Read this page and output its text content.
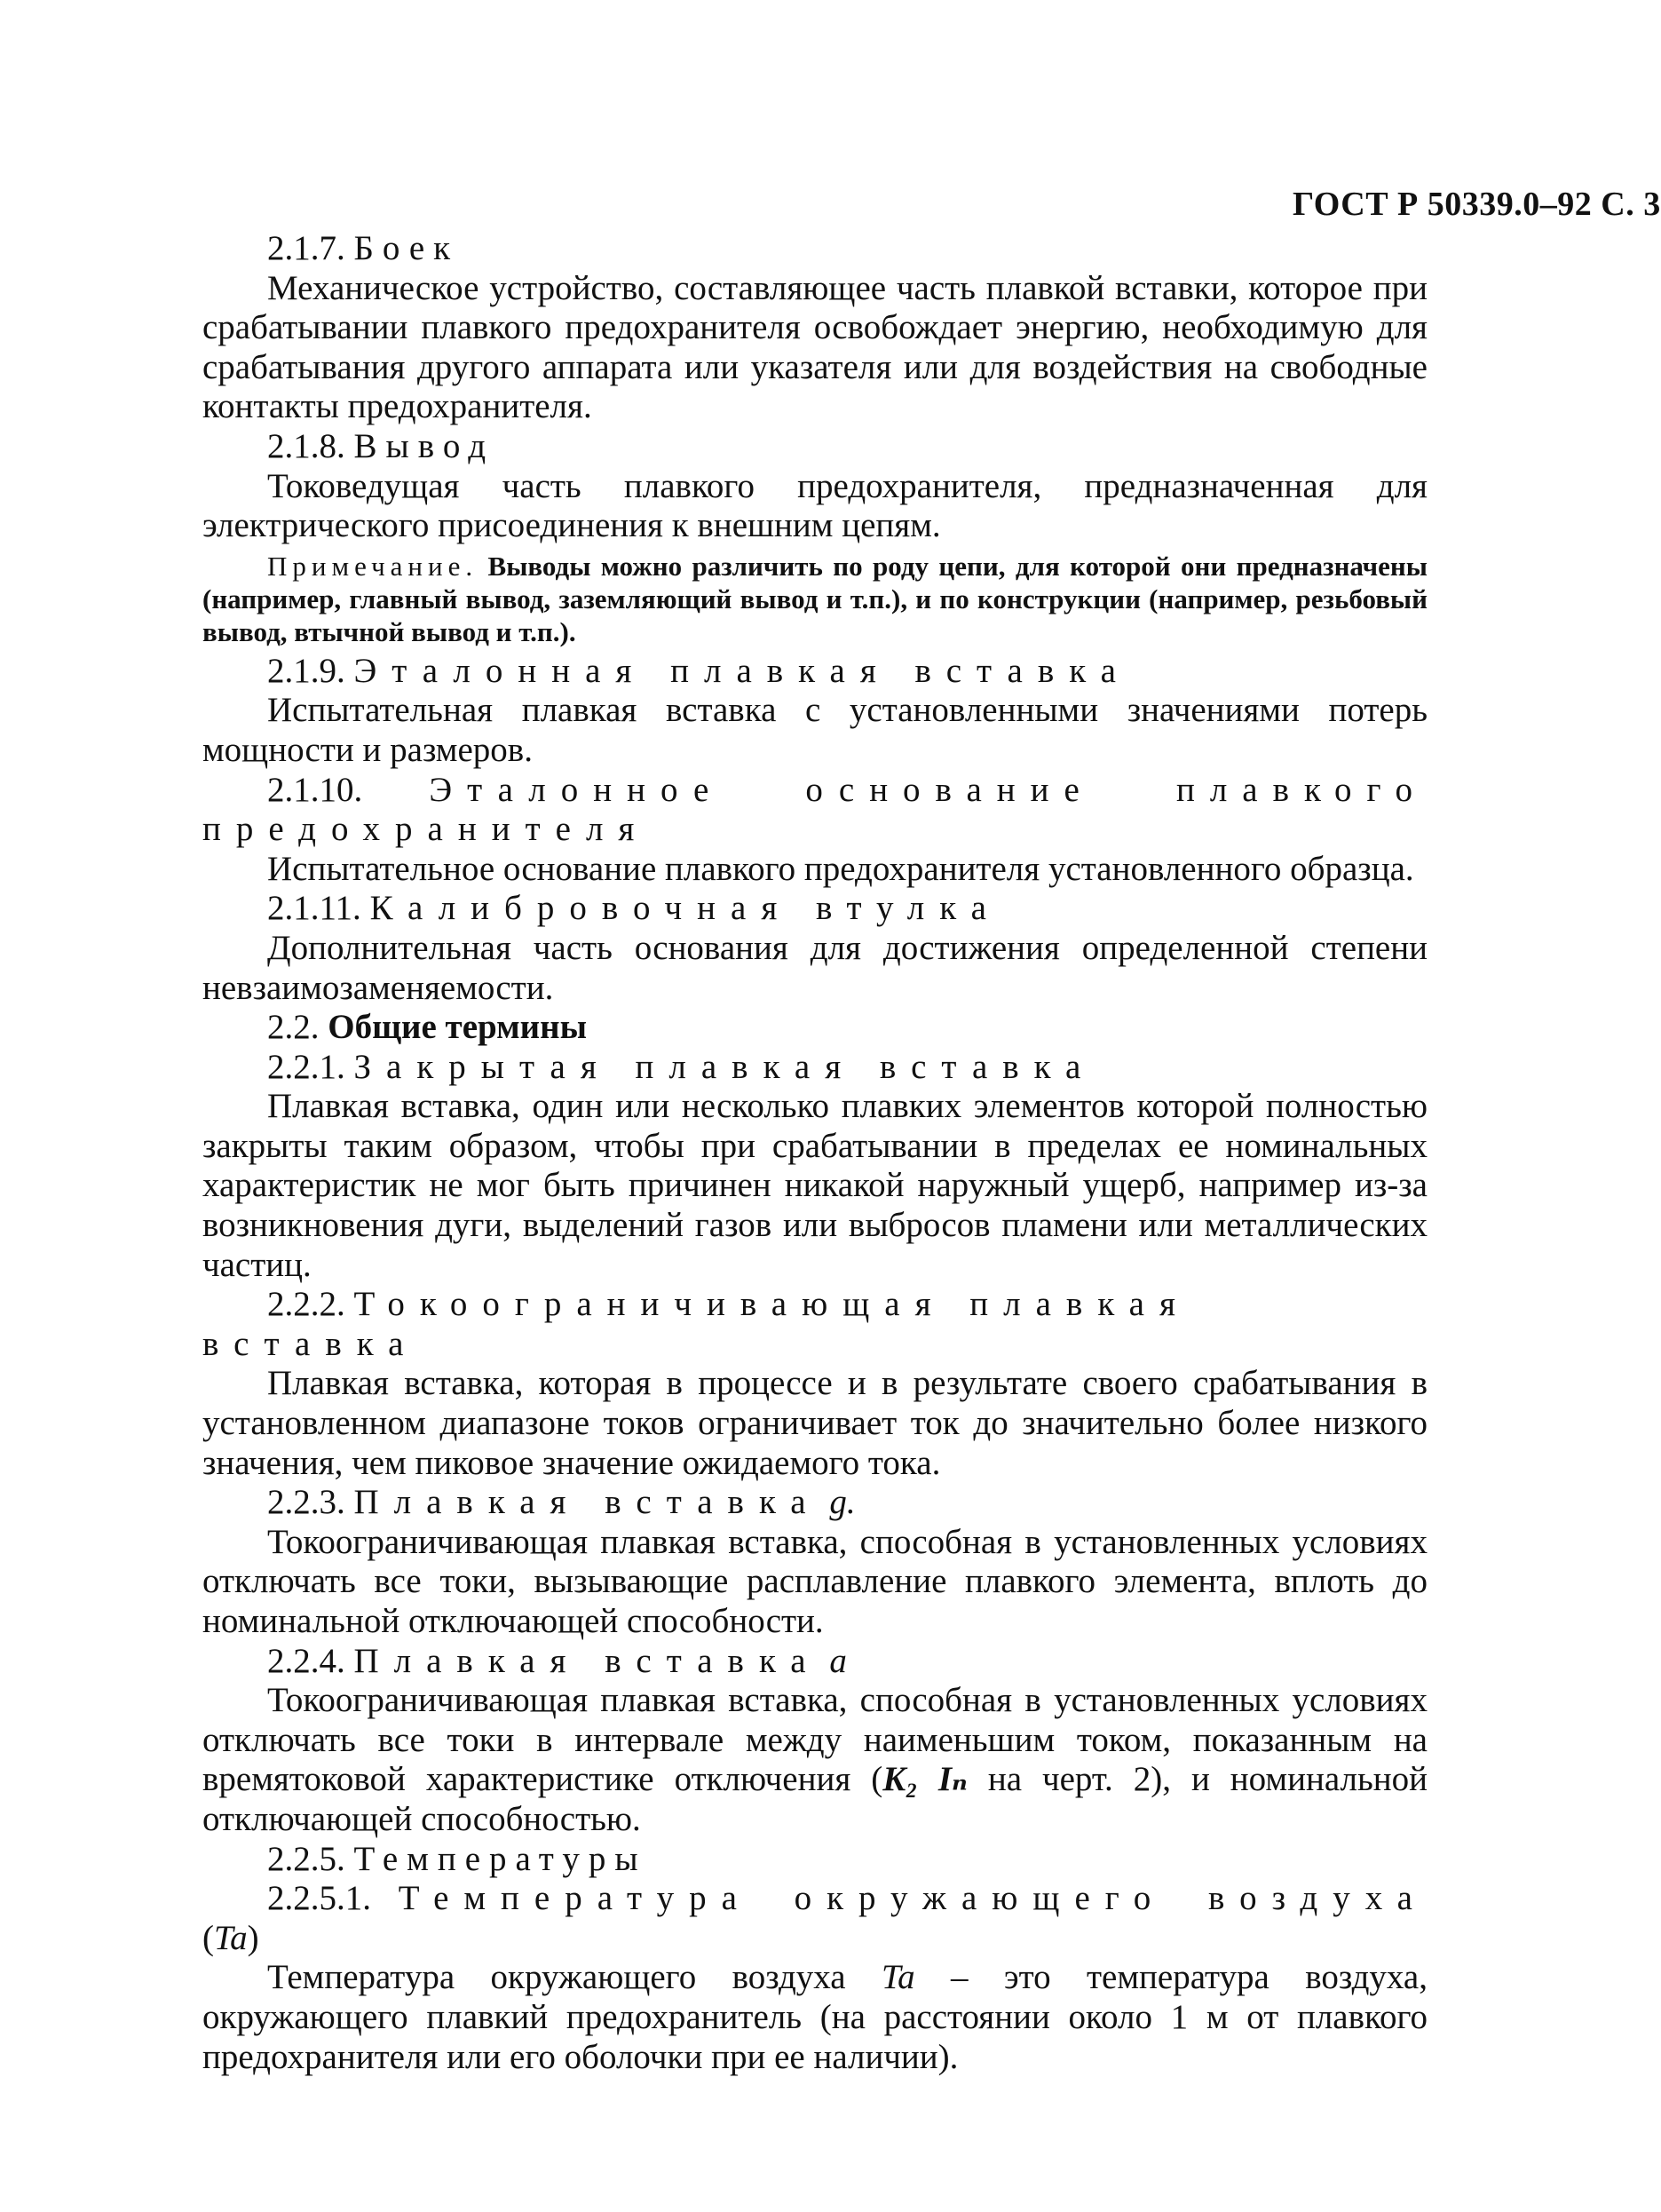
ГОСТ Р 50339.0–92 С. 3

2.1.7. Боек

Механическое устройство, составляющее часть плавкой вставки, которое при срабатывании плавкого предохранителя освобождает энергию, необходимую для срабатывания другого аппарата или указателя или для воздействия на свободные контакты предохранителя.

2.1.8. Вывод

Токоведущая часть плавкого предохранителя, предназначенная для электрического присоединения к внешним цепям.

Примечание. Выводы можно различить по роду цепи, для которой они предназначены (например, главный вывод, заземляющий вывод и т.п.), и по конструкции (например, резьбовый вывод, втычной вывод и т.п.).

2.1.9. Эталонная плавкая вставка

Испытательная плавкая вставка с установленными значениями потерь мощности и размеров.

2.1.10. Эталонное основание плавкого предохранителя

Испытательное основание плавкого предохранителя установленного образца.

2.1.11. Калибровочная втулка

Дополнительная часть основания для достижения определенной степени невзаимозаменяемости.

2.2. Общие термины

2.2.1. Закрытая плавкая вставка

Плавкая вставка, один или несколько плавких элементов которой полностью закрыты таким образом, чтобы при срабатывании в пределах ее номинальных характеристик не мог быть причинен никакой наружный ущерб, например из-за возникновения дуги, выделений газов или выбросов пламени или металлических частиц.

2.2.2. Токоограничивающая плавкая вставка

Плавкая вставка, которая в процессе и в результате своего срабатывания в установленном диапазоне токов ограничивает ток до значительно более низкого значения, чем пиковое значение ожидаемого тока.

2.2.3. Плавкая вставка g.

Токоограничивающая плавкая вставка, способная в установленных условиях отключать все токи, вызывающие расплавление плавкого элемента, вплоть до номинальной отключающей способности.

2.2.4. Плавкая вставка a

Токоограничивающая плавкая вставка, способная в установленных условиях отключать все токи в интервале между наименьшим током, показанным на времятоковой характеристике отключения (K₂ Iₙ на черт. 2), и номинальной отключающей способностью.

2.2.5. Температуры

2.2.5.1. Температура окружающего воздуха (Ta)

Температура окружающего воздуха Ta – это температура воздуха, окружающего плавкий предохранитель (на расстоянии около 1 м от плавкого предохранителя или его оболочки при ее наличии).
